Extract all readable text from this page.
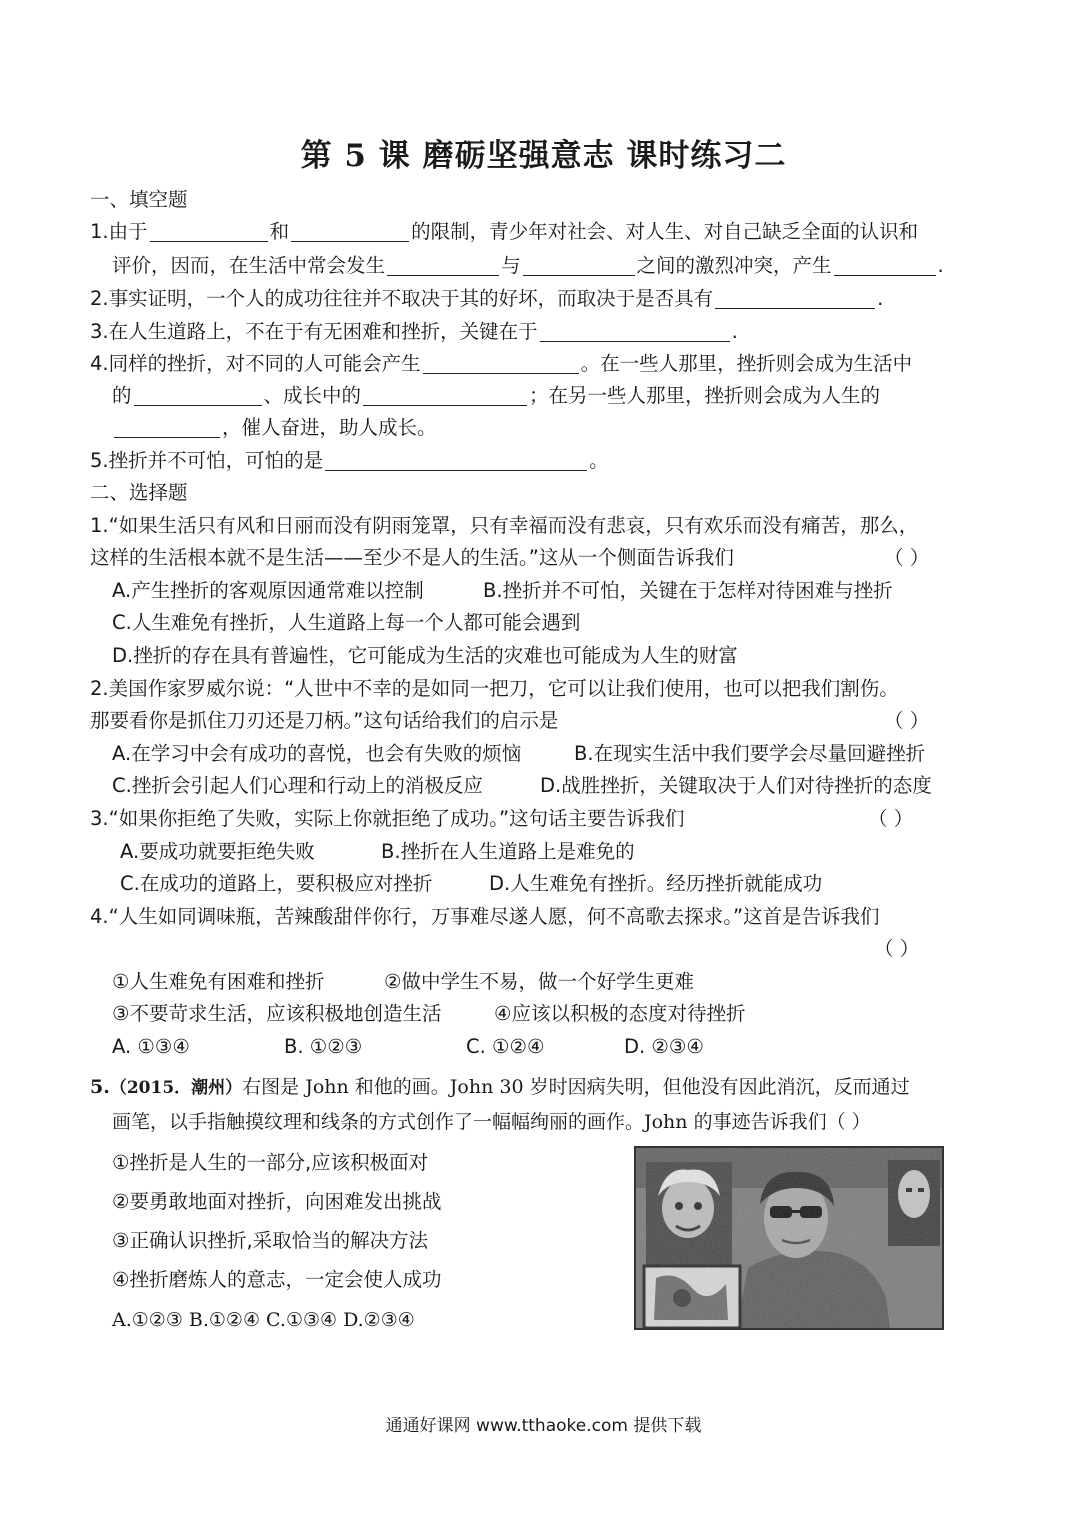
第 5 课 磨砺坚强意志 课时练习二
一、填空题
1.由于	和	的限制，青少年对社会、对人生、对自己缺乏全面的认识和
评价，因而，在生活中常会发生	与	之间的激烈冲突，产生	.
2.事实证明，一个人的成功往往并不取决于其的好坏，而取决于是否具有	.
3.在人生道路上，不在于有无困难和挫折，关键在于	.
4.同样的挫折，对不同的人可能会产生	。在一些人那里，挫折则会成为生活中
的	、成长中的	；在另一些人那里，挫折则会成为人生的
，催人奋进，助人成长。
5.挫折并不可怕，可怕的是	。
二、选择题
1.“如果生活只有风和日丽而没有阴雨笼罩，只有幸福而没有悲哀，只有欢乐而没有痛苦，那么，
这样的生活根本就不是生活——至少不是人的生活。”这从一个侧面告诉我们	（ ）
A.产生挫折的客观原因通常难以控制	B.挫折并不可怕，关键在于怎样对待困难与挫折
C.人生难免有挫折，人生道路上每一个人都可能会遇到
D.挫折的存在具有普遍性，它可能成为生活的灾难也可能成为人生的财富
2.美国作家罗威尔说：“人世中不幸的是如同一把刀，它可以让我们使用，也可以把我们割伤。
那要看你是抓住刀刃还是刀柄。”这句话给我们的启示是	（ ）
A.在学习中会有成功的喜悦，也会有失败的烦恼	B.在现实生活中我们要学会尽量回避挫折
C.挫折会引起人们心理和行动上的消极反应	D.战胜挫折，关键取决于人们对待挫折的态度
3.“如果你拒绝了失败，实际上你就拒绝了成功。”这句话主要告诉我们	（ ）
A.要成功就要拒绝失败	B.挫折在人生道路上是难免的
C.在成功的道路上，要积极应对挫折	D.人生难免有挫折。经历挫折就能成功
4.“人生如同调味瓶，苦辣酸甜伴你行，万事难尽遂人愿，何不高歌去探求。”这首是告诉我们
（ ）
①人生难免有困难和挫折	②做中学生不易，做一个好学生更难
③不要苛求生活，应该积极地创造生活	④应该以积极的态度对待挫折
A. ①③④	B. ①②③	C. ①②④	D. ②③④
5.（2015．潮州）右图是 John 和他的画。John 30 岁时因病失明，但他没有因此消沉，反而通过
画笔，以手指触摸纹理和线条的方式创作了一幅幅绚丽的画作。John 的事迹告诉我们（ ）
①挫折是人生的一部分,应该积极面对
②要勇敢地面对挫折，向困难发出挑战
③正确认识挫折,采取恰当的解决方法
④挫折磨炼人的意志，一定会使人成功
A.①②③ B.①②④ C.①③④ D.②③④
通通好课网 www.tthaoke.com 提供下载
